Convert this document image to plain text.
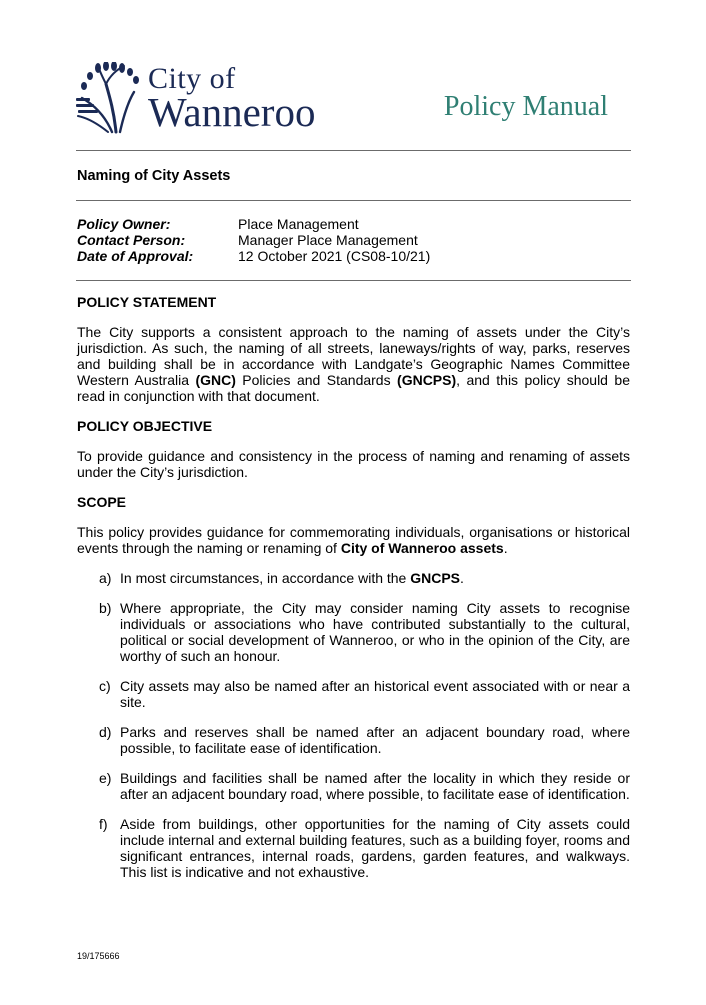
City of
Wanneroo	Policy Manual
Naming of City Assets
Policy Owner:	Place Management
Contact Person:	Manager Place Management
Date of Approval:	12 October 2021 (CS08-10/21)
POLICY STATEMENT

The City supports a consistent approach to the naming of assets under the City’s jurisdiction. As such, the naming of all streets, laneways/rights of way, parks, reserves and building shall be in accordance with Landgate’s Geographic Names Committee Western Australia (GNC) Policies and Standards (GNCPS), and this policy should be read in conjunction with that document.

POLICY OBJECTIVE

To provide guidance and consistency in the process of naming and renaming of assets under the City’s jurisdiction.

SCOPE

This policy provides guidance for commemorating individuals, organisations or historical events through the naming or renaming of City of Wanneroo assets.

a) In most circumstances, in accordance with the GNCPS.
b) Where appropriate, the City may consider naming City assets to recognise individuals or associations who have contributed substantially to the cultural, political or social development of Wanneroo, or who in the opinion of the City, are worthy of such an honour.
c) City assets may also be named after an historical event associated with or near a site.
d) Parks and reserves shall be named after an adjacent boundary road, where possible, to facilitate ease of identification.
e) Buildings and facilities shall be named after the locality in which they reside or after an adjacent boundary road, where possible, to facilitate ease of identification.
f) Aside from buildings, other opportunities for the naming of City assets could include internal and external building features, such as a building foyer, rooms and significant entrances, internal roads, gardens, garden features, and walkways. This list is indicative and not exhaustive.
19/175666
